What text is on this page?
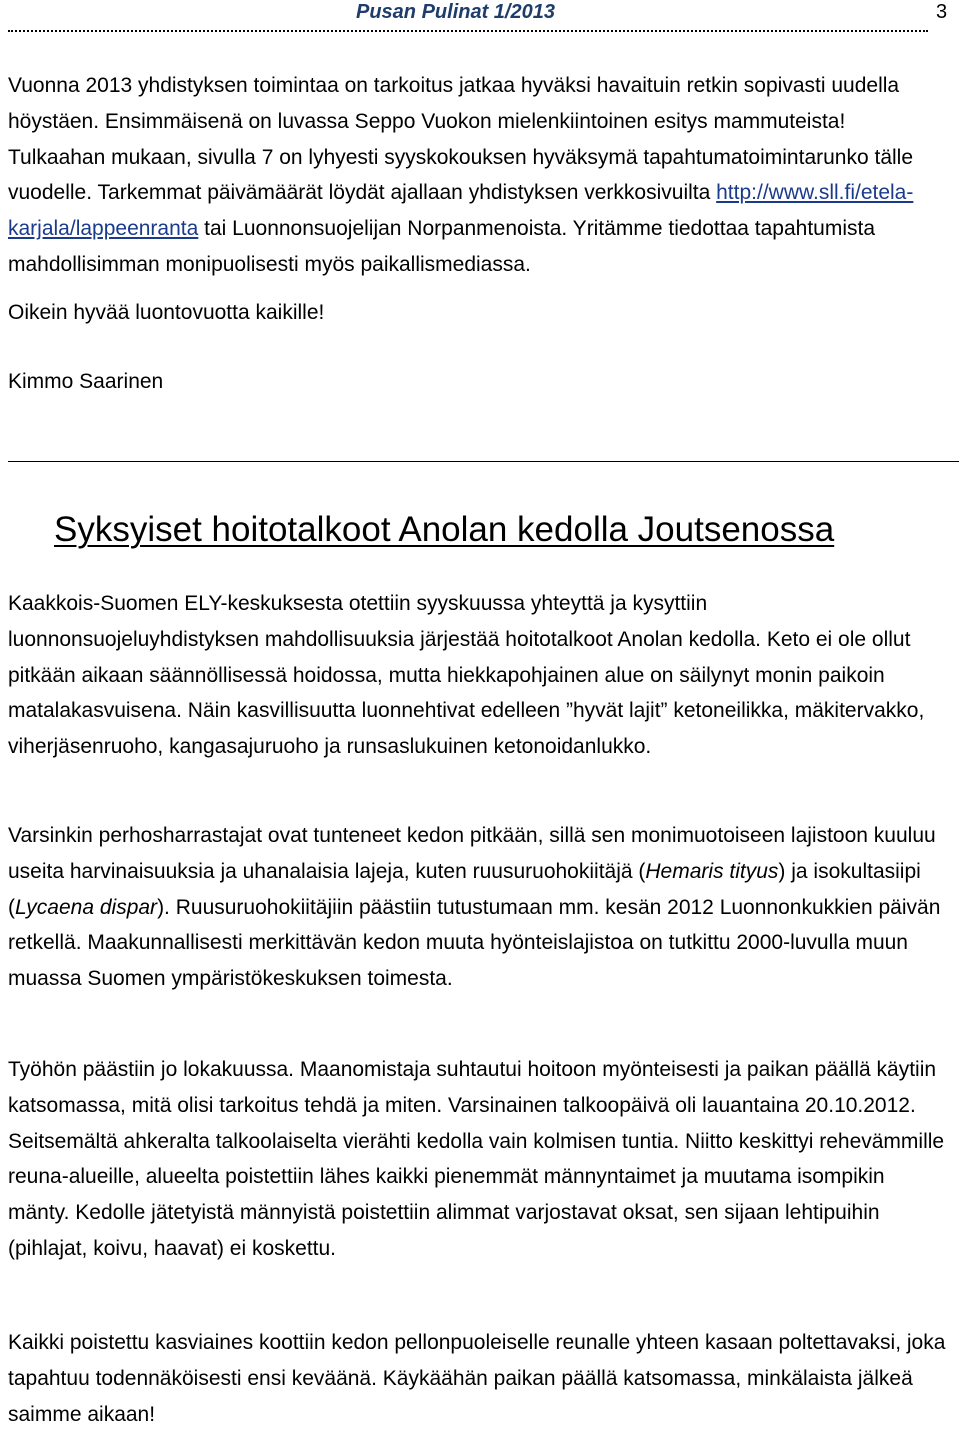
Pusan Pulinat 1/2013	3

Vuonna 2013 yhdistyksen toimintaa on tarkoitus jatkaa hyväksi havaituin retkin sopivasti uudella höystäen. Ensimmäisenä on luvassa Seppo Vuokon mielenkiintoinen esitys mammuteista! Tulkaahan mukaan, sivulla 7 on lyhyesti syyskokouksen hyväksymä tapahtumatoimintarunko tälle vuodelle. Tarkemmat päivämäärät löydät ajallaan yhdistyksen verkkosivuilta http://www.sll.fi/etela-karjala/lappeenranta tai Luonnonsuojelijan Norpanmenoista. Yritämme tiedottaa tapahtumista mahdollisimman monipuolisesti myös paikallismediassa.

Oikein hyvää luontovuotta kaikille!

Kimmo Saarinen

Syksyiset hoitotalkoot Anolan kedolla Joutsenossa

Kaakkois-Suomen ELY-keskuksesta otettiin syyskuussa yhteyttä ja kysyttiin luonnonsuojeluyhdistyksen mahdollisuuksia järjestää hoitotalkoot Anolan kedolla. Keto ei ole ollut pitkään aikaan säännöllisessä hoidossa, mutta hiekkapohjainen alue on säilynyt monin paikoin matalakasvuisena. Näin kasvillisuutta luonnehtivat edelleen ”hyvät lajit” ketoneilikka, mäkitervakko, viherjäsenruoho, kangasajuruoho ja runsaslukuinen ketonoidanlukko.

Varsinkin perhosharrastajat ovat tunteneet kedon pitkään, sillä sen monimuotoiseen lajistoon kuuluu useita harvinaisuuksia ja uhanalaisia lajeja, kuten ruusuruohokiitäjä (Hemaris tityus) ja isokultasiipi (Lycaena dispar). Ruusuruohokiitäjiin päästiin tutustumaan mm. kesän 2012 Luonnonkukkien päivän retkellä. Maakunnallisesti merkittävän kedon muuta hyönteislajistoa on tutkittu 2000-luvulla muun muassa Suomen ympäristökeskuksen toimesta.

Työhön päästiin jo lokakuussa. Maanomistaja suhtautui hoitoon myönteisesti ja paikan päällä käytiin katsomassa, mitä olisi tarkoitus tehdä ja miten. Varsinainen talkoopäivä oli lauantaina 20.10.2012. Seitsemältä ahkeralta talkoolaiselta vierähti kedolla vain kolmisen tuntia. Niitto keskittyi rehevämmille reuna-alueille, alueelta poistettiin lähes kaikki pienemmät männyntaimet ja muutama isompikin mänty. Kedolle jätetyistä männyistä poistettiin alimmat varjostavat oksat, sen sijaan lehtipuihin (pihlajat, koivu, haavat) ei koskettu.

Kaikki poistettu kasviaines koottiin kedon pellonpuoleiselle reunalle yhteen kasaan poltettavaksi, joka tapahtuu todennäköisesti ensi keväänä. Käykäähän paikan päällä katsomassa, minkälaista jälkeä saimme aikaan!
